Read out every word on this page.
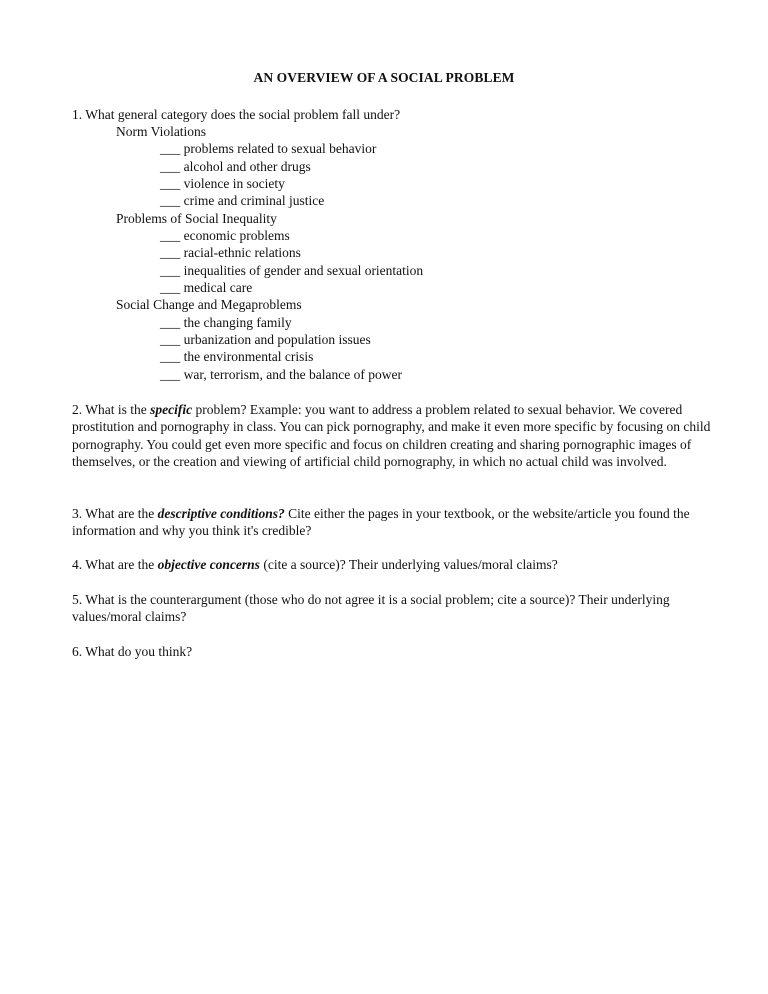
AN OVERVIEW OF A SOCIAL PROBLEM
1. What general category does the social problem fall under?
Norm Violations
___ problems related to sexual behavior
___ alcohol and other drugs
___ violence in society
___ crime and criminal justice
Problems of Social Inequality
___ economic problems
___ racial-ethnic relations
___ inequalities of gender and sexual orientation
___ medical care
Social Change and Megaproblems
___ the changing family
___ urbanization and population issues
___ the environmental crisis
___ war, terrorism, and the balance of power
2. What is the specific problem? Example: you want to address a problem related to sexual behavior. We covered prostitution and pornography in class. You can pick pornography, and make it even more specific by focusing on child pornography. You could get even more specific and focus on children creating and sharing pornographic images of themselves, or the creation and viewing of artificial child pornography, in which no actual child was involved.
3. What are the descriptive conditions? Cite either the pages in your textbook, or the website/article you found the information and why you think it's credible?
4. What are the objective concerns (cite a source)? Their underlying values/moral claims?
5. What is the counterargument (those who do not agree it is a social problem; cite a source)? Their underlying values/moral claims?
6. What do you think?
